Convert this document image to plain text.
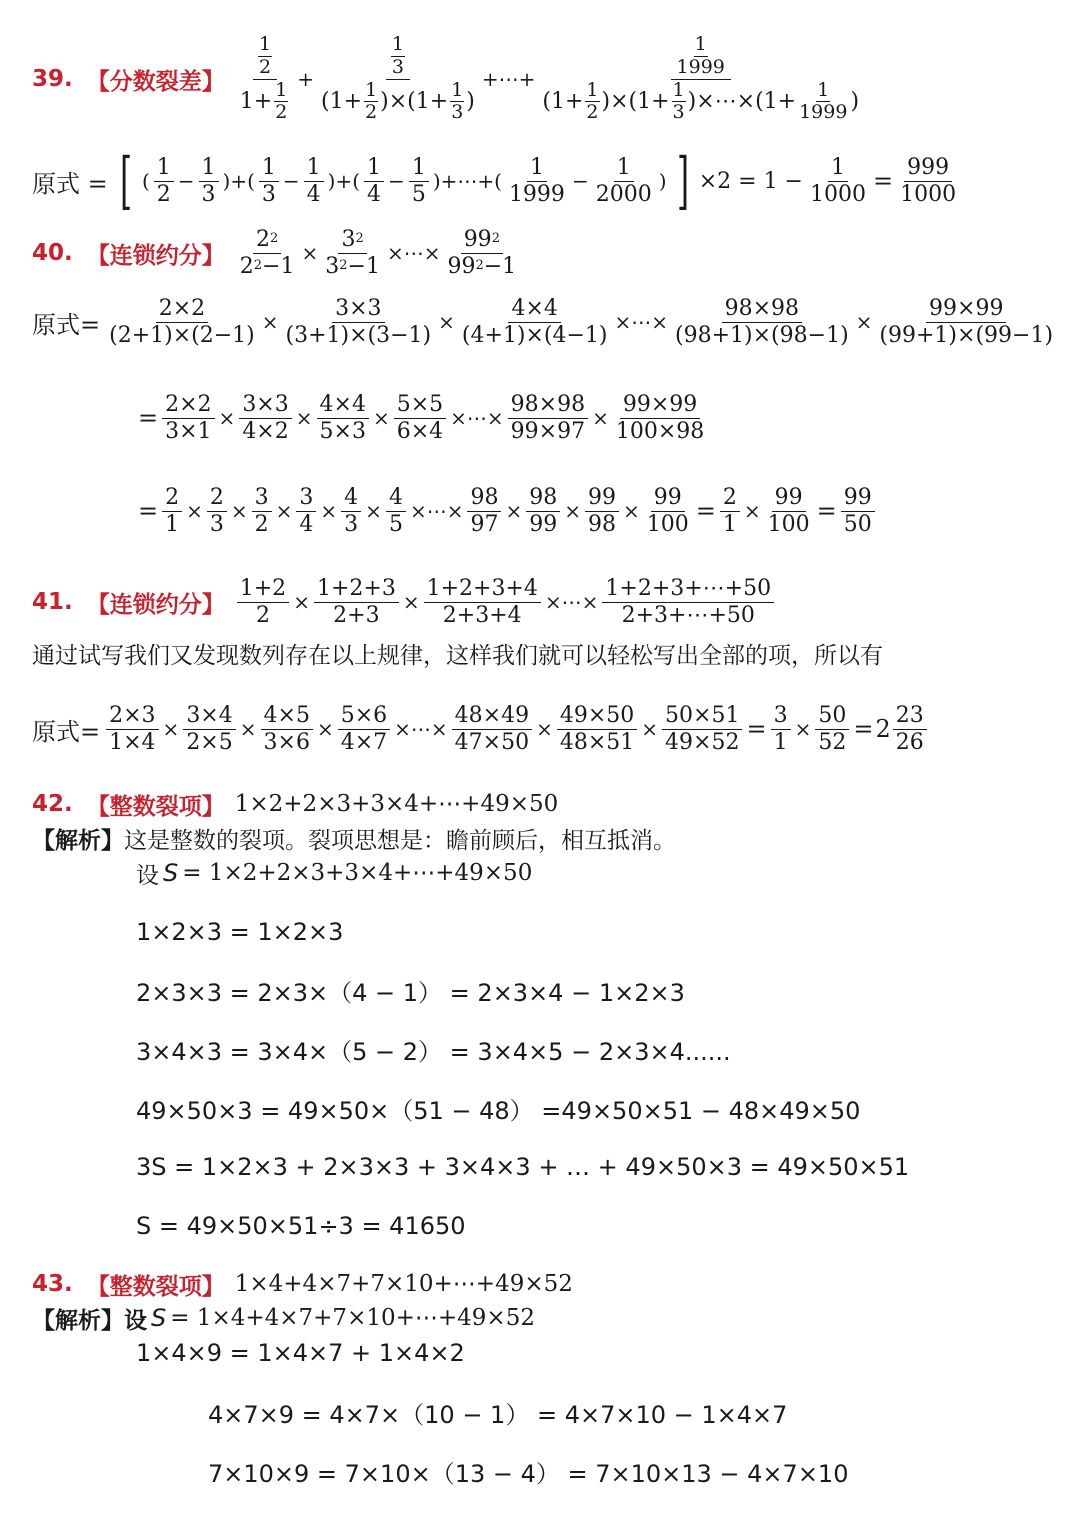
39. 【分数裂差】
1
2
$1+ \frac{1}{2}$
+ 1
3
$(1+ \frac{1}{2} )\times(1+ \frac{1}{3}$ ) +⋯+ 1
1999
$(1+ \frac{1}{2} )\times(1+ \frac{1}{3}$ )×⋯×(1+ $\frac{1}{1999}$ )
原式 = [ (
1
2
− $\frac{1}{3}$ )+(
1
3
− $\frac{1}{4}$ )+(
1
4
− $\frac{1}{5}$ )+⋯+(
1
1999
− $\frac{1}{2000}$ ) ] $\times 2 = 1 - \frac{1}{1000} = \frac{999}{1000}$
40. 【连锁约分】 $\frac{2 2}{2 2 -1} \times \frac{3 2}{3 2 -1}$ ×⋯× $\frac{99 2}{99 2 -1}$
原式= $\frac{2\times 2}{(2+1)\times(2-1)} \times \frac{3\times 3}{(3+1)\times(3-1)} \times \frac{4\times 4}{(4+1)\times(4-1)}$ ×⋯× $\frac{98\times 98}{(98+1)\times(98-1)} \times \frac{99\times 99}{(99+1)\times(99-1)}$
= $\frac{2\times 2}{3\times 1} \times \frac{3\times 3}{4\times 2} \times \frac{4\times 4}{5\times 3} \times \frac{5\times 5}{6\times 4}$ ×⋯× $\frac{98\times 98}{99\times 97} \times \frac{99\times 99}{100\times 98}$
= $\frac{2}{1} \times \frac{2}{3} \times \frac{3}{2} \times \frac{3}{4} \times \frac{4}{3} \times \frac{4}{5}$ ×⋯× $\frac{98}{97} \times \frac{98}{99} \times \frac{99}{98} \times \frac{99}{100} = \frac{2}{1} \times \frac{99}{100} = \frac{99}{50}$
41. 【连锁约分】 $\frac{1+2}{2} \times \frac{1+2+3}{2+3} \times \frac{1+2+3+4}{2+3+4}$ ×⋯× $\frac{1+2+3+\cdots+50}{2+3+\cdots+50}$
通过试写我们又发现数列存在以上规律，这样我们就可以轻松写出全部的项，所以有
原式= $\frac{2\times 3}{1\times 4} \times \frac{3\times 4}{2\times 5} \times \frac{4\times 5}{3\times 6} \times \frac{5\times 6}{4\times 7}$ ×⋯× $\frac{48\times 49}{47\times 50} \times \frac{49\times 50}{48\times 51} \times \frac{50\times 51}{49\times 52} = \frac{3}{1} \times \frac{50}{52} = 2$ 23
26
42. 【整数裂项】 1×2+2×3+3×4+⋯+49×50
【解析】 这是整数的裂项。裂项思想是：瞻前顾后，相互抵消。
设 S = 1×2+2×3+3×4+⋯+49×50
1×2×3 = 1×2×3
2×3×3 = 2×3×（4 − 1） = 2×3×4 − 1×2×3
3×4×3 = 3×4×（5 − 2） = 3×4×5 − 2×3×4......
49×50×3 = 49×50×（51 − 48） =49×50×51 − 48×49×50
3S = 1×2×3 + 2×3×3 + 3×4×3 + … + 49×50×3 = 49×50×51
S = 49×50×51÷3 = 41650
43. 【整数裂项】 1×4+4×7+7×10+⋯+49×52
【解析】 设 S = 1×4+4×7+7×10+⋯+49×52
1×4×9 = 1×4×7 + 1×4×2
4×7×9 = 4×7×（10 − 1） = 4×7×10 − 1×4×7
7×10×9 = 7×10×（13 − 4） = 7×10×13 − 4×7×10
